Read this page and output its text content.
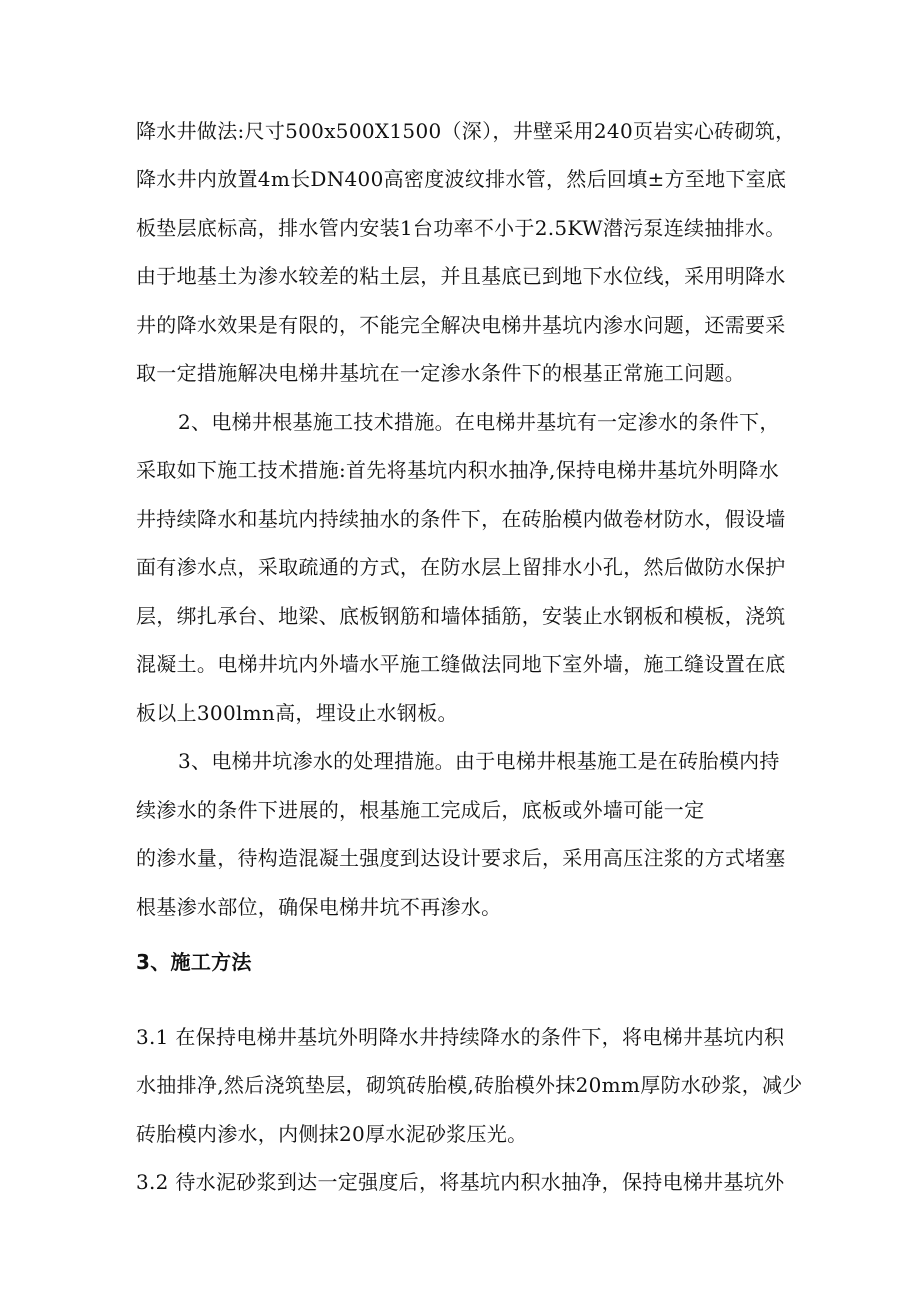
降水井做法:尺寸500x500X1500（深），井壁采用240页岩实心砖砌筑，
降水井内放置4m长DN400高密度波纹排水管，然后回填±方至地下室底
板垫层底标高，排水管内安装1台功率不小于2.5KW潜污泵连续抽排水。
由于地基土为渗水较差的粘土层，并且基底已到地下水位线，采用明降水
井的降水效果是有限的，不能完全解决电梯井基坑内渗水问题，还需要采
取一定措施解决电梯井基坑在一定渗水条件下的根基正常施工问题。
2、电梯井根基施工技术措施。在电梯井基坑有一定渗水的条件下，
采取如下施工技术措施:首先将基坑内积水抽净,保持电梯井基坑外明降水
井持续降水和基坑内持续抽水的条件下，在砖胎模内做卷材防水，假设墙
面有渗水点，采取疏通的方式，在防水层上留排水小孔，然后做防水保护
层，绑扎承台、地梁、底板钢筋和墙体插筋，安装止水钢板和模板，浇筑
混凝土。电梯井坑内外墙水平施工缝做法同地下室外墙，施工缝设置在底
板以上300lmn高，埋设止水钢板。
3、电梯井坑渗水的处理措施。由于电梯井根基施工是在砖胎模内持
续渗水的条件下进展的，根基施工完成后，底板或外墙可能一定
的渗水量，待构造混凝土强度到达设计要求后，采用高压注浆的方式堵塞
根基渗水部位，确保电梯井坑不再渗水。
3、施工方法
3.1 在保持电梯井基坑外明降水井持续降水的条件下，将电梯井基坑内积
水抽排净,然后浇筑垫层，砌筑砖胎模,砖胎模外抹20mm厚防水砂浆，减少
砖胎模内渗水，内侧抹20厚水泥砂浆压光。
3.2 待水泥砂浆到达一定强度后，将基坑内积水抽净，保持电梯井基坑外
